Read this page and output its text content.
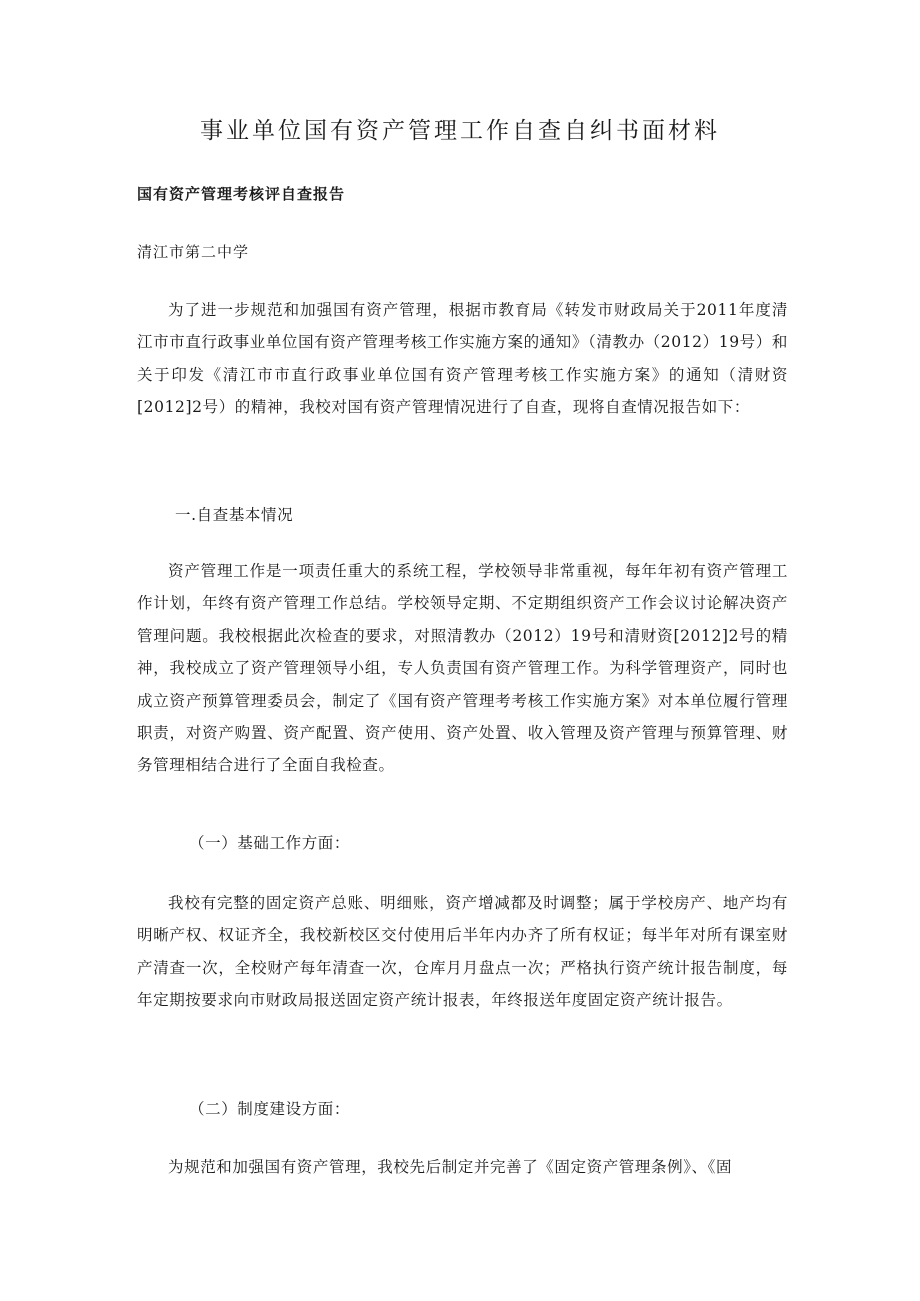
事业单位国有资产管理工作自查自纠书面材料
国有资产管理考核评自查报告

清江市第二中学

为了进一步规范和加强国有资产管理，根据市教育局《转发市财政局关于2011年度清江市市直行政事业单位国有资产管理考核工作实施方案的通知》（清教办（2012）19号）和关于印发《清江市市直行政事业单位国有资产管理考核工作实施方案》的通知（清财资[2012]2号）的精神，我校对国有资产管理情况进行了自查，现将自查情况报告如下：

一.自查基本情况

资产管理工作是一项责任重大的系统工程，学校领导非常重视，每年年初有资产管理工作计划，年终有资产管理工作总结。学校领导定期、不定期组织资产工作会议讨论解决资产管理问题。我校根据此次检查的要求，对照清教办（2012）19号和清财资[2012]2号的精神，我校成立了资产管理领导小组，专人负责国有资产管理工作。为科学管理资产，同时也成立资产预算管理委员会，制定了《国有资产管理考考核工作实施方案》对本单位履行管理职责，对资产购置、资产配置、资产使用、资产处置、收入管理及资产管理与预算管理、财务管理相结合进行了全面自我检查。

（一）基础工作方面：

我校有完整的固定资产总账、明细账，资产增减都及时调整；属于学校房产、地产均有明晰产权、权证齐全，我校新校区交付使用后半年内办齐了所有权证；每半年对所有课室财产清查一次，全校财产每年清查一次，仓库月月盘点一次；严格执行资产统计报告制度，每年定期按要求向市财政局报送固定资产统计报表，年终报送年度固定资产统计报告。

（二）制度建设方面：

为规范和加强国有资产管理，我校先后制定并完善了《固定资产管理条例》、《固
